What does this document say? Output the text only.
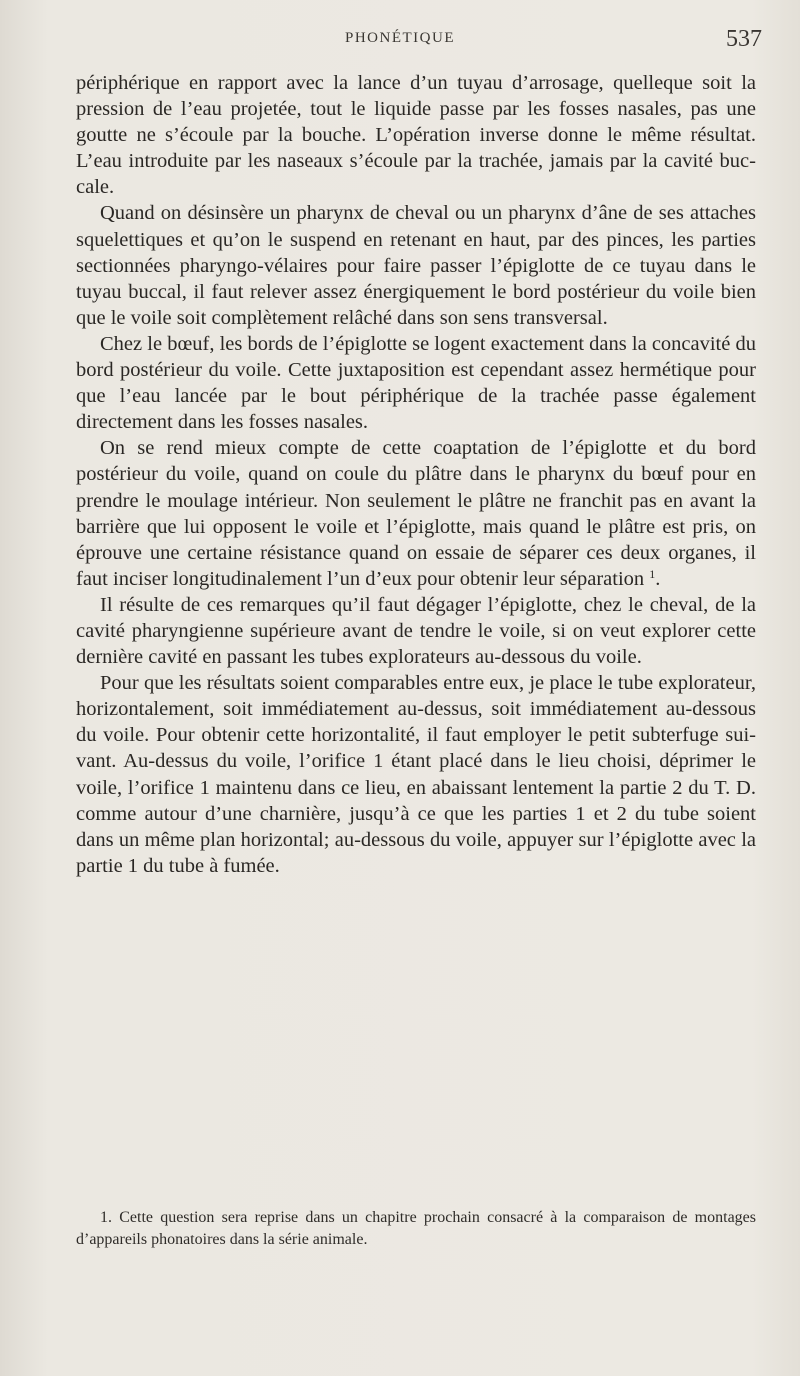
PHONÉTIQUE	537

périphérique en rapport avec la lance d’un tuyau d’arrosage, quelleque soit la pression de l’eau projetée, tout le liquide passe par les fosses nasales, pas une goutte ne s’écoule par la bouche. L’opération inverse donne le même résultat. L’eau introduite par les naseaux s’écoule par la trachée, jamais par la cavité buccale.

Quand on désinsère un pharynx de cheval ou un pharynx d’âne de ses attaches squelettiques et qu’on le suspend en retenant en haut, par des pinces, les parties sectionnées pharyngo-vélaires pour faire passer l’épiglotte de ce tuyau dans le tuyau buccal, il faut relever assez énergiquement le bord postérieur du voile bien que le voile soit complètement relâché dans son sens transversal.

Chez le bœuf, les bords de l’épiglotte se logent exactement dans la concavité du bord postérieur du voile. Cette juxtaposition est cependant assez hermétique pour que l’eau lancée par le bout périphérique de la trachée passe également directement dans les fosses nasales.

On se rend mieux compte de cette coaptation de l’épiglotte et du bord postérieur du voile, quand on coule du plâtre dans le pharynx du bœuf pour en prendre le moulage intérieur. Non seulement le plâtre ne franchit pas en avant la barrière que lui opposent le voile et l’épiglotte, mais quand le plâtre est pris, on éprouve une certaine résistance quand on essaie de séparer ces deux organes, il faut inciser longitudinalement l’un d’eux pour obtenir leur séparation $^1$.

Il résulte de ces remarques qu’il faut dégager l’épiglotte, chez le cheval, de la cavité pharyngienne supérieure avant de tendre le voile, si on veut explorer cette dernière cavité en passant les tubes explorateurs au-dessous du voile.

Pour que les résultats soient comparables entre eux, je place le tube explorateur, horizontalement, soit immédiatement au-dessus, soit immédiatement au-dessous du voile. Pour obtenir cette horizontalité, il faut employer le petit subterfuge suivant. Au-dessus du voile, l’orifice 1 étant placé dans le lieu choisi, déprimer le voile, l’orifice 1 maintenu dans ce lieu, en abaissant lentement la partie 2 du T. D. comme autour d’une charnière, jusqu’à ce que les parties 1 et 2 du tube soient dans un même plan horizontal; au-dessous du voile, appuyer sur l’épiglotte avec la partie 1 du tube à fumée.

1. Cette question sera reprise dans un chapitre prochain consacré à la comparaison de montages d’appareils phonatoires dans la série animale.
